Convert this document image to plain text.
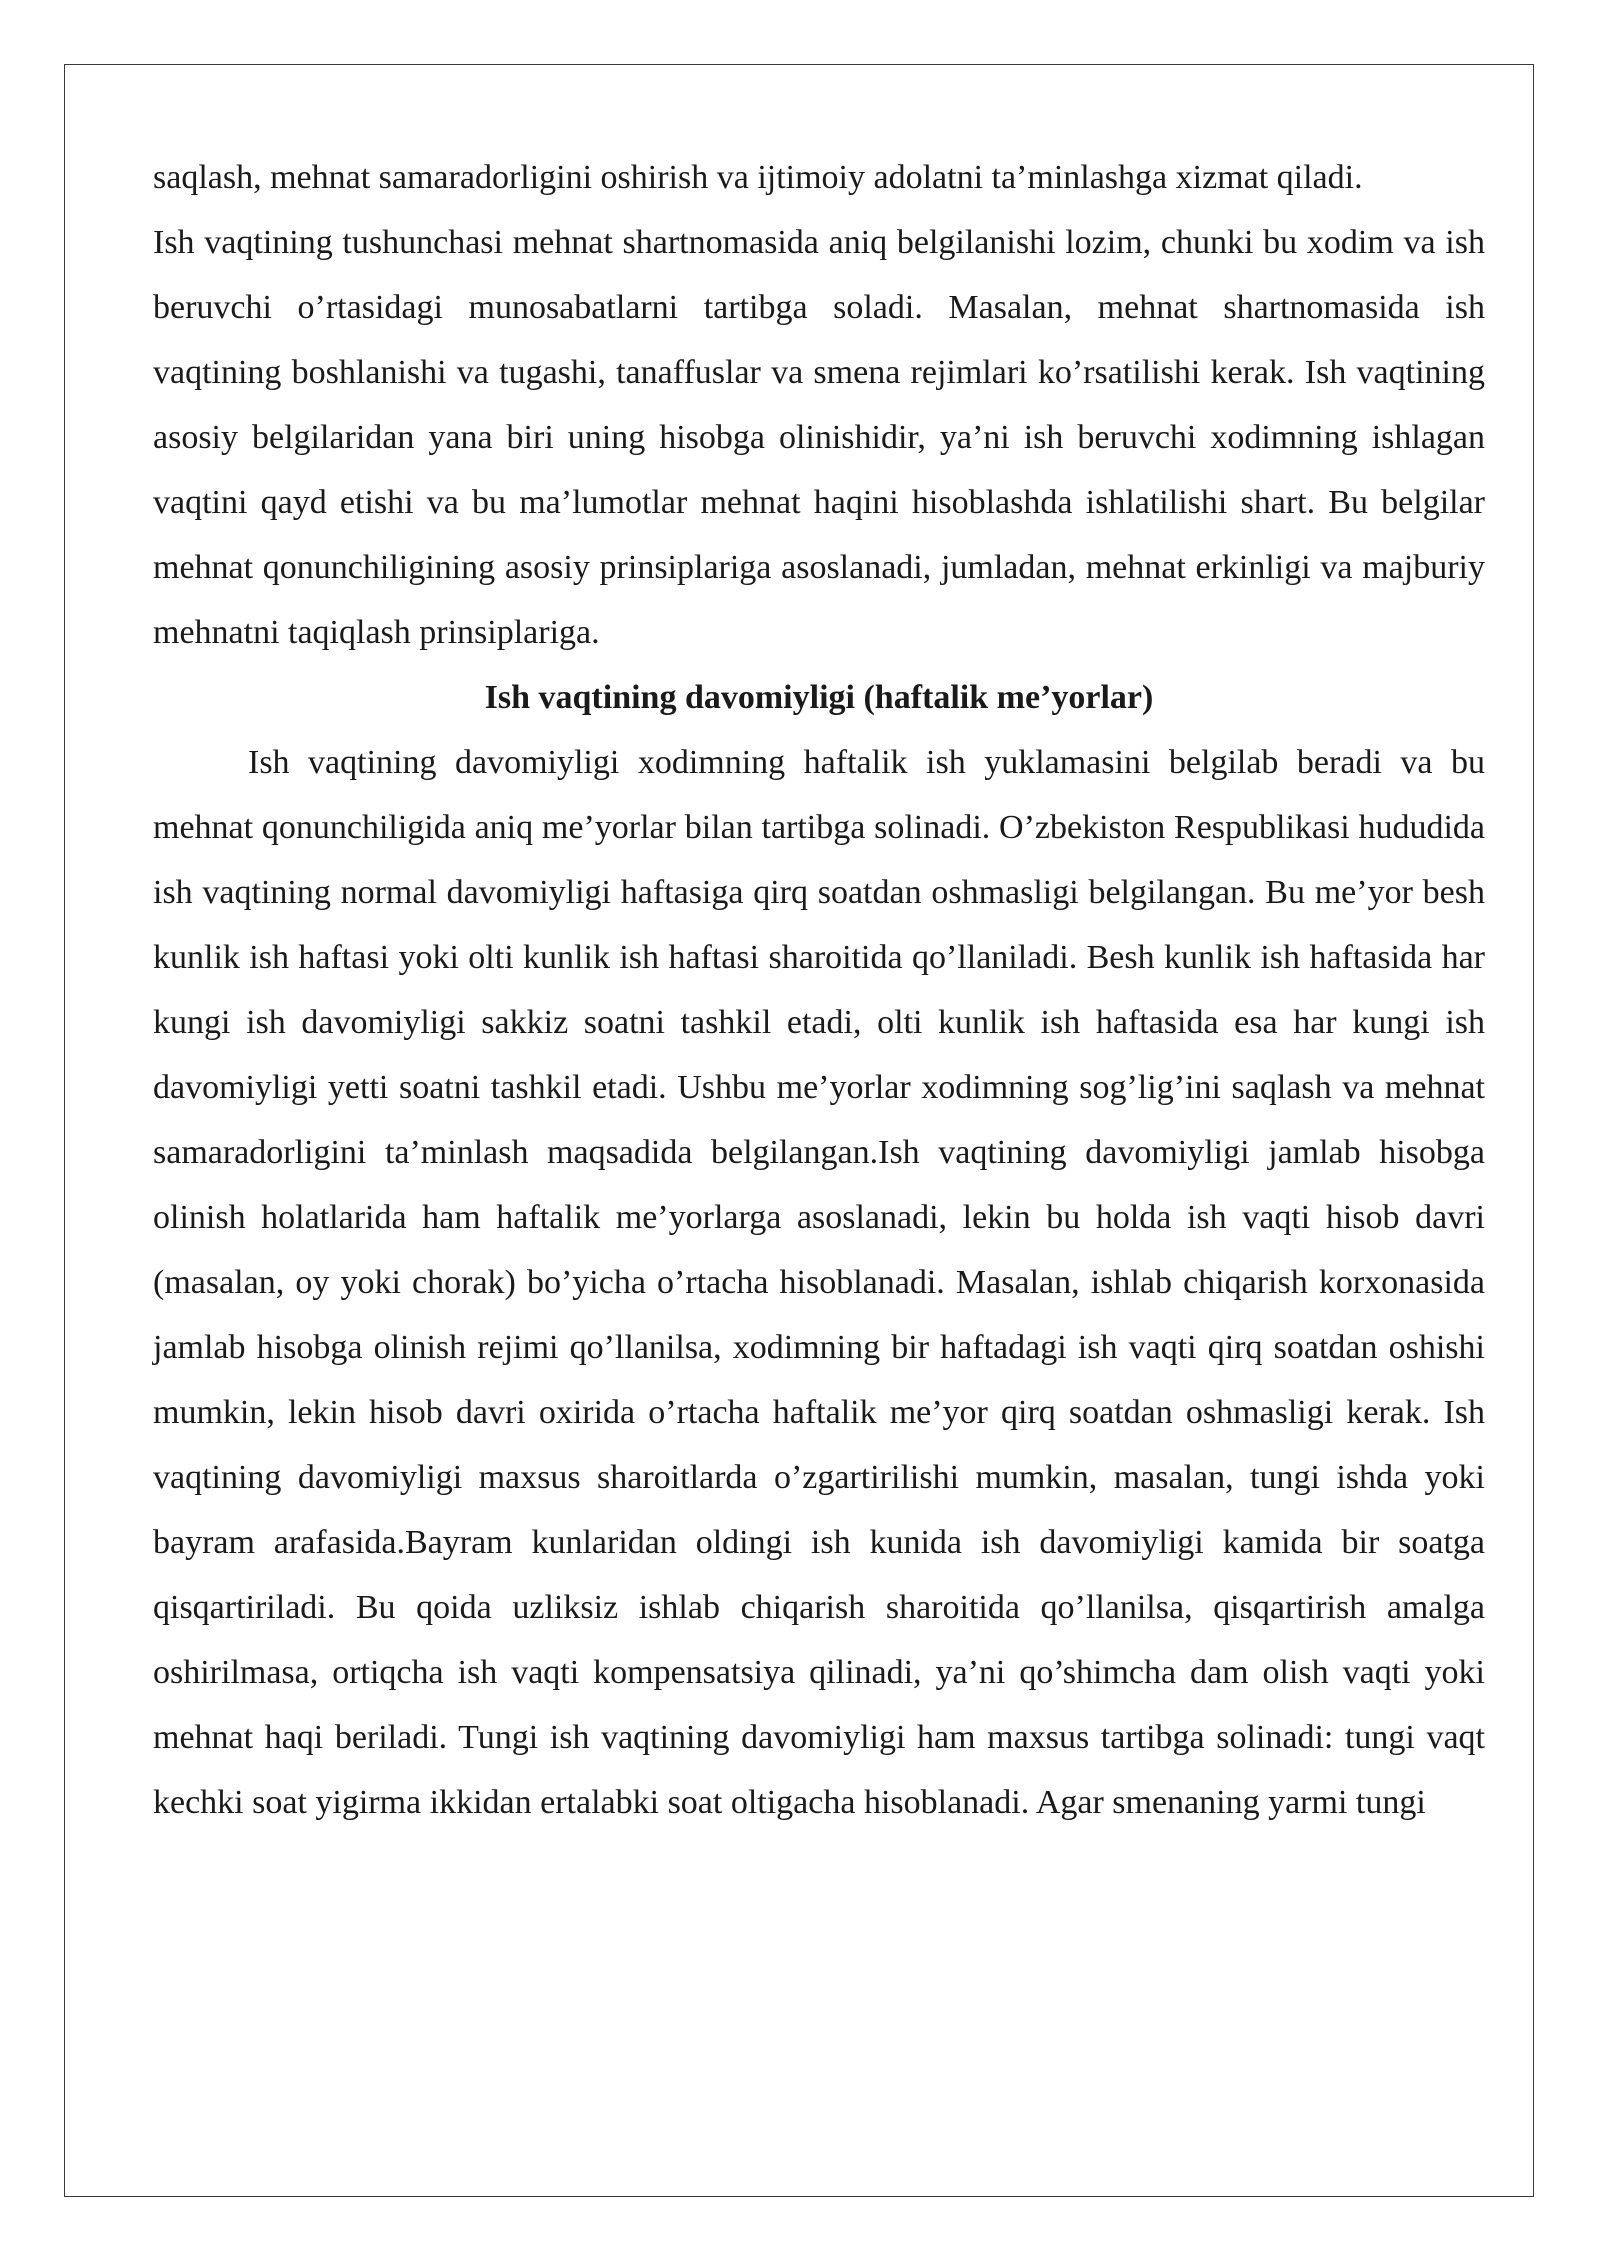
saqlash, mehnat samaradorligini oshirish va ijtimoiy adolatni ta’minlashga xizmat qiladi.

Ish vaqtining tushunchasi mehnat shartnomasida aniq belgilanishi lozim, chunki bu xodim va ish beruvchi o’rtasidagi munosabatlarni tartibga soladi. Masalan, mehnat shartnomasida ish vaqtining boshlanishi va tugashi, tanaffuslar va smena rejimlari ko’rsatilishi kerak. Ish vaqtining asosiy belgilaridan yana biri uning hisobga olinishidir, ya’ni ish beruvchi xodimning ishlagan vaqtini qayd etishi va bu ma’lumotlar mehnat haqini hisoblashda ishlatilishi shart. Bu belgilar mehnat qonunchiligining asosiy prinsiplariga asoslanadi, jumladan, mehnat erkinligi va majburiy mehnatni taqiqlash prinsiplariga.

Ish vaqtining davomiyligi (haftalik me’yorlar)

Ish vaqtining davomiyligi xodimning haftalik ish yuklamasini belgilab beradi va bu mehnat qonunchiligida aniq me’yorlar bilan tartibga solinadi. O’zbekiston Respublikasi hududida ish vaqtining normal davomiyligi haftasiga qirq soatdan oshmasligi belgilangan. Bu me’yor besh kunlik ish haftasi yoki olti kunlik ish haftasi sharoitida qo’llaniladi. Besh kunlik ish haftasida har kungi ish davomiyligi sakkiz soatni tashkil etadi, olti kunlik ish haftasida esa har kungi ish davomiyligi yetti soatni tashkil etadi. Ushbu me’yorlar xodimning sog’lig’ini saqlash va mehnat samaradorligini ta’minlash maqsadida belgilangan.Ish vaqtining davomiyligi jamlab hisobga olinish holatlarida ham haftalik me’yorlarga asoslanadi, lekin bu holda ish vaqti hisob davri (masalan, oy yoki chorak) bo’yicha o’rtacha hisoblanadi. Masalan, ishlab chiqarish korxonasida jamlab hisobga olinish rejimi qo’llanilsa, xodimning bir haftadagi ish vaqti qirq soatdan oshishi mumkin, lekin hisob davri oxirida o’rtacha haftalik me’yor qirq soatdan oshmasligi kerak. Ish vaqtining davomiyligi maxsus sharoitlarda o’zgartirilishi mumkin, masalan, tungi ishda yoki bayram arafasida.Bayram kunlaridan oldingi ish kunida ish davomiyligi kamida bir soatga qisqartiriladi. Bu qoida uzliksiz ishlab chiqarish sharoitida qo’llanilsa, qisqartirish amalga oshirilmasa, ortiqcha ish vaqti kompensatsiya qilinadi, ya’ni qo’shimcha dam olish vaqti yoki mehnat haqi beriladi. Tungi ish vaqtining davomiyligi ham maxsus tartibga solinadi: tungi vaqt kechki soat yigirma ikkidan ertalabki soat oltigacha hisoblanadi. Agar smenaning yarmi tungi
